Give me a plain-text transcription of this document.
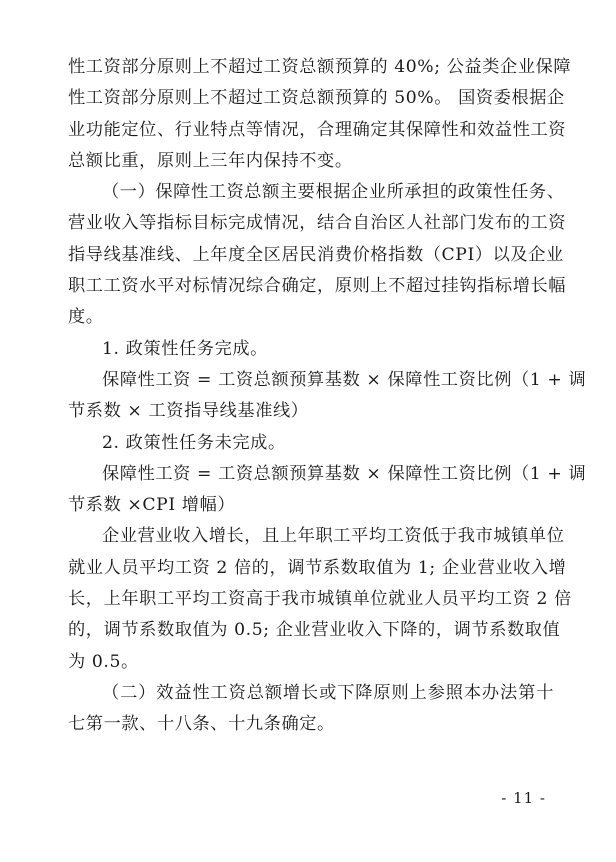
性工资部分原则上不超过工资总额预算的 40%; 公益类企业保障
性工资部分原则上不超过工资总额预算的 50%。 国资委根据企
业功能定位、行业特点等情况，合理确定其保障性和效益性工资
总额比重，原则上三年内保持不变。
（一）保障性工资总额主要根据企业所承担的政策性任务、
营业收入等指标目标完成情况，结合自治区人社部门发布的工资
指导线基准线、上年度全区居民消费价格指数（CPI）以及企业
职工工资水平对标情况综合确定，原则上不超过挂钩指标增长幅
度。
1. 政策性任务完成。
保障性工资 = 工资总额预算基数 × 保障性工资比例（1 + 调
节系数 × 工资指导线基准线）
2. 政策性任务未完成。
保障性工资 = 工资总额预算基数 × 保障性工资比例（1 + 调
节系数 ×CPI 增幅）
企业营业收入增长，且上年职工平均工资低于我市城镇单位
就业人员平均工资 2 倍的，调节系数取值为 1; 企业营业收入增
长，上年职工平均工资高于我市城镇单位就业人员平均工资 2 倍
的，调节系数取值为 0.5; 企业营业收入下降的，调节系数取值
为 0.5。
（二）效益性工资总额增长或下降原则上参照本办法第十
七第一款、十八条、十九条确定。
- 11 -
